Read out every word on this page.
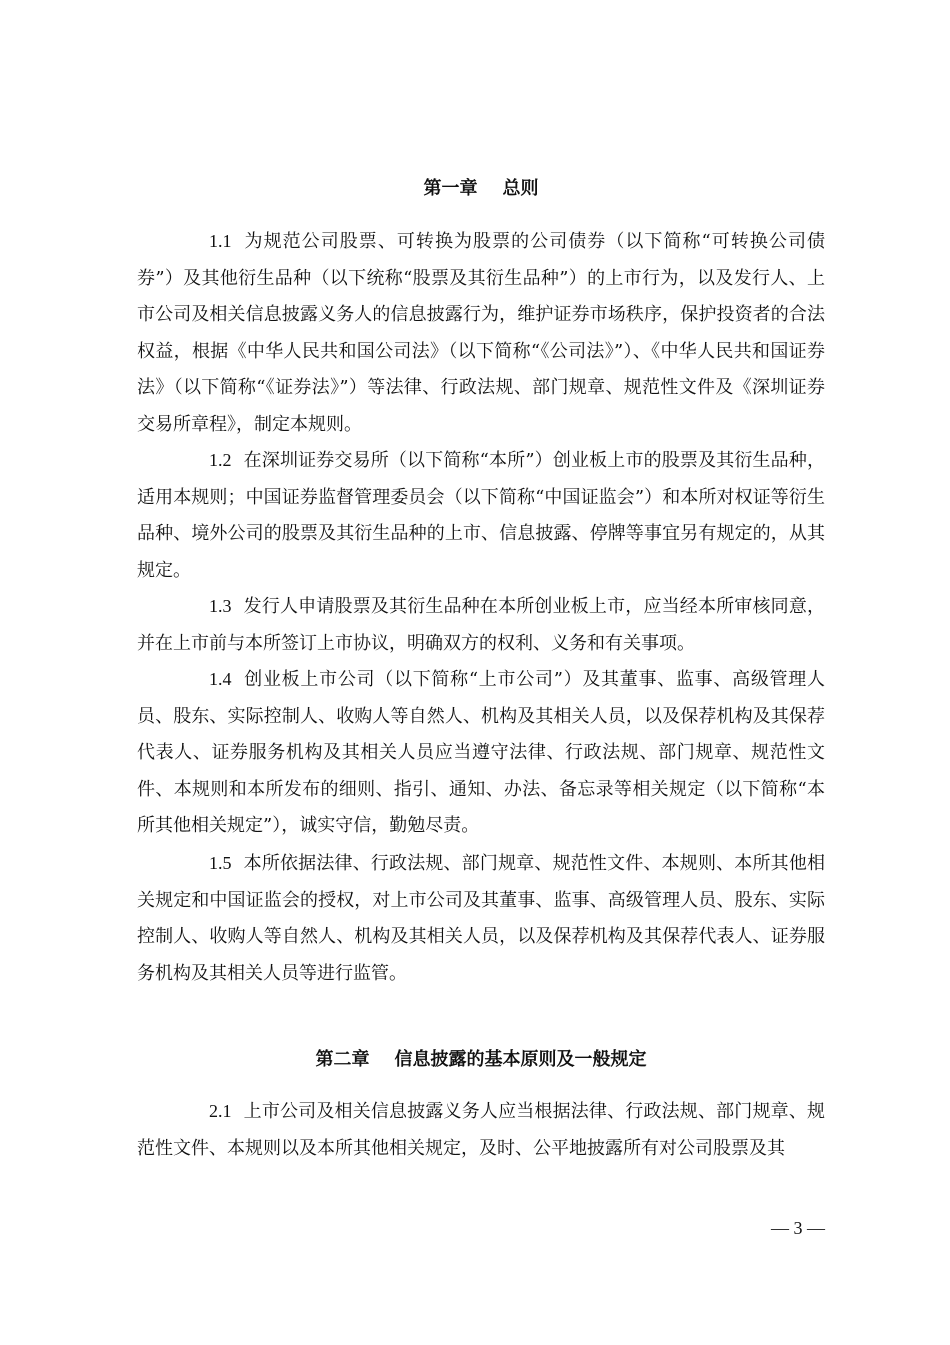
第一章    总则
1.1 为规范公司股票、可转换为股票的公司债券（以下简称“可转换公司债券”）及其他衍生品种（以下统称“股票及其衍生品种”）的上市行为，以及发行人、上市公司及相关信息披露义务人的信息披露行为，维护证券市场秩序，保护投资者的合法权益，根据《中华人民共和国公司法》（以下简称“《公司法》”）、《中华人民共和国证券法》（以下简称“《证券法》”）等法律、行政法规、部门规章、规范性文件及《深圳证券交易所章程》，制定本规则。
1.2 在深圳证券交易所（以下简称“本所”）创业板上市的股票及其衍生品种，适用本规则；中国证券监督管理委员会（以下简称“中国证监会”）和本所对权证等衍生品种、境外公司的股票及其衍生品种的上市、信息披露、停牌等事宜另有规定的，从其规定。
1.3 发行人申请股票及其衍生品种在本所创业板上市，应当经本所审核同意，并在上市前与本所签订上市协议，明确双方的权利、义务和有关事项。
1.4 创业板上市公司（以下简称“上市公司”）及其董事、监事、高级管理人员、股东、实际控制人、收购人等自然人、机构及其相关人员，以及保荐机构及其保荐代表人、证券服务机构及其相关人员应当遵守法律、行政法规、部门规章、规范性文件、本规则和本所发布的细则、指引、通知、办法、备忘录等相关规定（以下简称“本所其他相关规定”），诚实守信，勤勉尽责。
1.5 本所依据法律、行政法规、部门规章、规范性文件、本规则、本所其他相关规定和中国证监会的授权，对上市公司及其董事、监事、高级管理人员、股东、实际控制人、收购人等自然人、机构及其相关人员，以及保荐机构及其保荐代表人、证券服务机构及其相关人员等进行监管。
第二章    信息披露的基本原则及一般规定
2.1 上市公司及相关信息披露义务人应当根据法律、行政法规、部门规章、规范性文件、本规则以及本所其他相关规定，及时、公平地披露所有对公司股票及其
— 3 —
